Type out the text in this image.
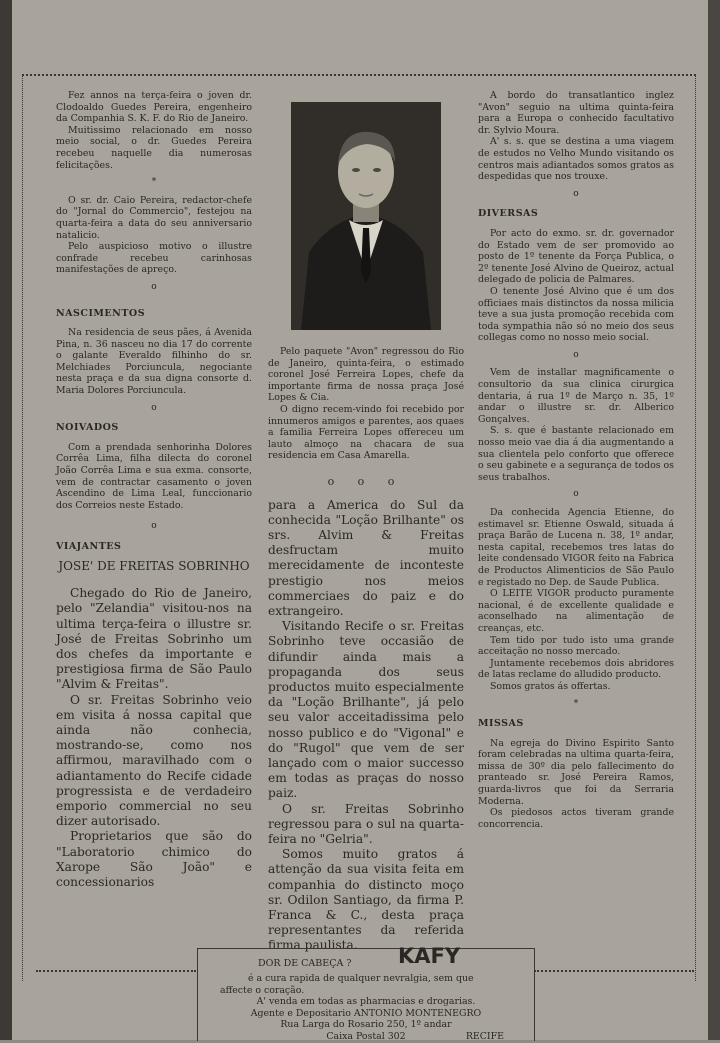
Fez annos na terça-feira o joven dr. Clodoaldo Guedes Pereira, engenheiro da Companhia S. K. F. do Rio de Janeiro.

Muitissimo relacionado em nosso meio social, o dr. Guedes Pereira recebeu naquelle dia numerosas felicitações.

*

O sr. dr. Caio Pereira, redactor-chefe do "Jornal do Commercio", festejou na quarta-feira a data do seu anniversario natalicio.

Pelo auspicioso motivo o illustre confrade recebeu carinhosas manifestações de apreço.

o
NASCIMENTOS

Na residencia de seus pães, á Avenida Pina, n. 36 nasceu no dia 17 do corrente o galante Everaldo filhinho do sr. Melchiades Porciuncula, negociante nesta praça e da sua digna consorte d. Maria Dolores Porciuncula.

o
NOIVADOS

Com a prendada senhorinha Dolores Corrêa Lima, filha dilecta do coronel João Corrêa Lima e sua exma. consorte, vem de contractar casamento o joven Ascendino de Lima Leal, funccionario dos Correios neste Estado.

o
VIAJANTES
JOSE' DE FREITAS SOBRINHO

Chegado do Rio de Janeiro, pelo "Zelandia" visitou-nos na ultima terça-feira o illustre sr. José de Freitas Sobrinho um dos chefes da importante e prestigiosa firma de São Paulo "Alvim & Freitas".

O sr. Freitas Sobrinho veio em visita á nossa capital que ainda não conhecia, mostrando-se, como nos affirmou, maravilhado com o adiantamento do Recife cidade progressista e de verdadeiro emporio commercial no seu dizer autorisado.

Proprietarios que são do "Laboratorio chimico do Xarope São João" e concessionarios

Pelo paquete "Avon" regressou do Rio de Janeiro, quinta-feira, o estimado coronel José Ferreira Lopes, chefe da importante firma de nossa praça José Lopes & Cia.

O digno recem-vindo foi recebido por innumeros amigos e parentes, aos quaes a familia Ferreira Lopes offereceu um lauto almoço na chacara de sua residencia em Casa Amarella.

o o o

para a America do Sul da conhecida "Loção Brilhante" os srs. Alvim & Freitas desfructam muito merecidamente de inconteste prestigio nos meios commerciaes do paiz e do extrangeiro.

Visitando Recife o sr. Freitas Sobrinho teve occasião de difundir ainda mais a propaganda dos seus productos muito especialmente da "Loção Brilhante", já pelo seu valor acceitadissima pelo nosso publico e do "Vigonal" e do "Rugol" que vem de ser lançado com o maior successo em todas as praças do nosso paiz.

O sr. Freitas Sobrinho regressou para o sul na quarta-feira no "Gelria".

Somos muito gratos á attenção da sua visita feita em companhia do distincto moço sr. Odilon Santiago, da firma P. Franca & C., desta praça representantes da referida firma paulista.

A bordo do transatlantico inglez "Avon" seguio na ultima quinta-feira para a Europa o conhecido facultativo dr. Sylvio Moura.

A' s. s. que se destina a uma viagem de estudos no Velho Mundo visitando os centros mais adiantados somos gratos as despedidas que nos trouxe.

o
DIVERSAS

Por acto do exmo. sr. dr. governador do Estado vem de ser promovido ao posto de 1º tenente da Força Publica, o 2º tenente José Alvino de Queiroz, actual delegado de policia de Palmares.

O tenente José Alvino que é um dos officiaes mais distinctos da nossa milicia teve a sua justa promoção recebida com toda sympathia não só no meio dos seus collegas como no nosso meio social.

o

Vem de installar magnificamente o consultorio da sua clinica cirurgica dentaria, á rua 1º de Março n. 35, 1º andar o illustre sr. dr. Alberico Gonçalves.

S. s. que é bastante relacionado em nosso meio vae dia á dia augmentando a sua clientela pelo conforto que offerece o seu gabinete e a segurança de todos os seus trabalhos.

o

Da conhecida Agencia Etienne, do estimavel sr. Etienne Oswald, situada á praça Barão de Lucena n. 38, 1º andar, nesta capital, recebemos tres latas do leite condensado VIGOR feito na Fabrica de Productos Alimenticios de São Paulo e registado no Dep. de Saude Publica.

O LEITE VIGOR producto puramente nacional, é de excellente qualidade e aconselhado na alimentação de creanças, etc.

Tem tido por tudo isto uma grande acceitação no nosso mercado.

Juntamente recebemos dois abridores de latas reclame do alludido producto.

Somos gratos ás offertas.

*
MISSAS

Na egreja do Divino Espirito Santo foram celebradas na ultima quarta-feira, missa de 30º dia pelo fallecimento do pranteado sr. José Pereira Ramos, guarda-livros que foi da Serraria Moderna.

Os piedosos actos tiveram grande concorrencia.

DOR DE CABEÇA ? KAFY

é a cura rapida de qualquer nevralgia, sem que

affecte o coração.

A' venda em todas as pharmacias e drogarias.

Agente e Depositario ANTONIO MONTENEGRO

Rua Larga do Rosario 250, 1º andar

Caixa Postal 302	RECIFE
